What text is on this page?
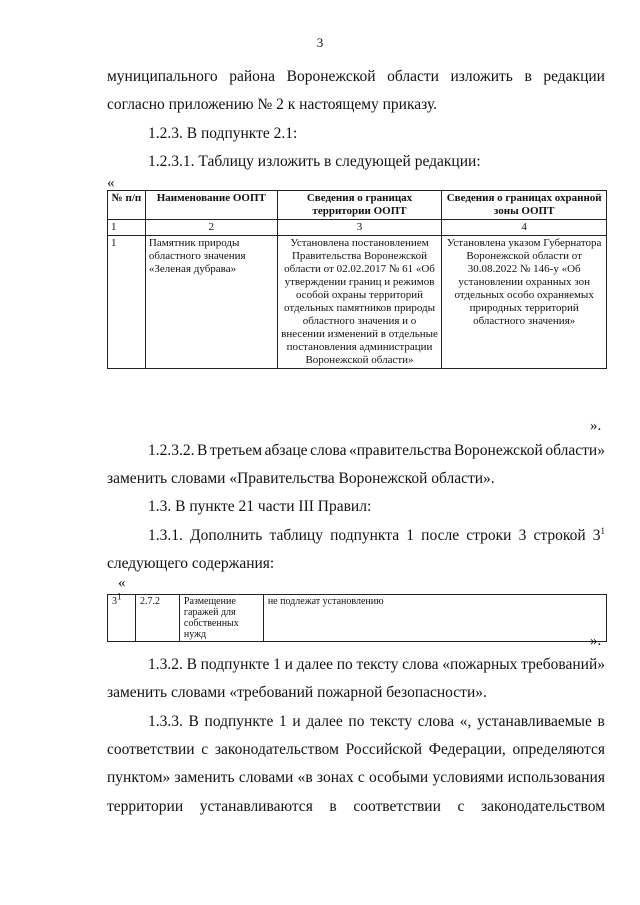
3
муниципального района Воронежской области изложить в редакции
согласно приложению № 2 к настоящему приказу.
1.2.3. В подпункте 2.1:
1.2.3.1. Таблицу изложить в следующей редакции:
«
№ п/п	Наименование ООПТ	Сведения о границах территории ООПТ	Сведения о границах охранной зоны ООПТ
1	2	3	4
1	Памятник природы областного значения «Зеленая дубрава»	Установлена постановлением Правительства Воронежской области от 02.02.2017 № 61 «Об утверждении границ и режимов особой охраны территорий отдельных памятников природы областного значения и о внесении изменений в отдельные постановления администрации Воронежской области»	Установлена указом Губернатора Воронежской области от 30.08.2022 № 146-у «Об установлении охранных зон отдельных особо охраняемых природных территорий областного значения»
».
1.2.3.2. В третьем абзаце слова «правительства Воронежской области»
заменить словами «Правительства Воронежской области».
1.3. В пункте 21 части III Правил:
1.3.1. Дополнить таблицу подпункта 1 после строки 3 строкой $3^1$
следующего содержания:
«
$3^1$	2.7.2	Размещение гаражей для собственных нужд	не подлежат установлению
».
1.3.2. В подпункте 1 и далее по тексту слова «пожарных требований»
заменить словами «требований пожарной безопасности».
1.3.3. В подпункте 1 и далее по тексту слова «, устанавливаемые в
соответствии с законодательством Российской Федерации, определяются
пунктом» заменить словами «в зонах с особыми условиями использования
территории устанавливаются в соответствии с законодательством
